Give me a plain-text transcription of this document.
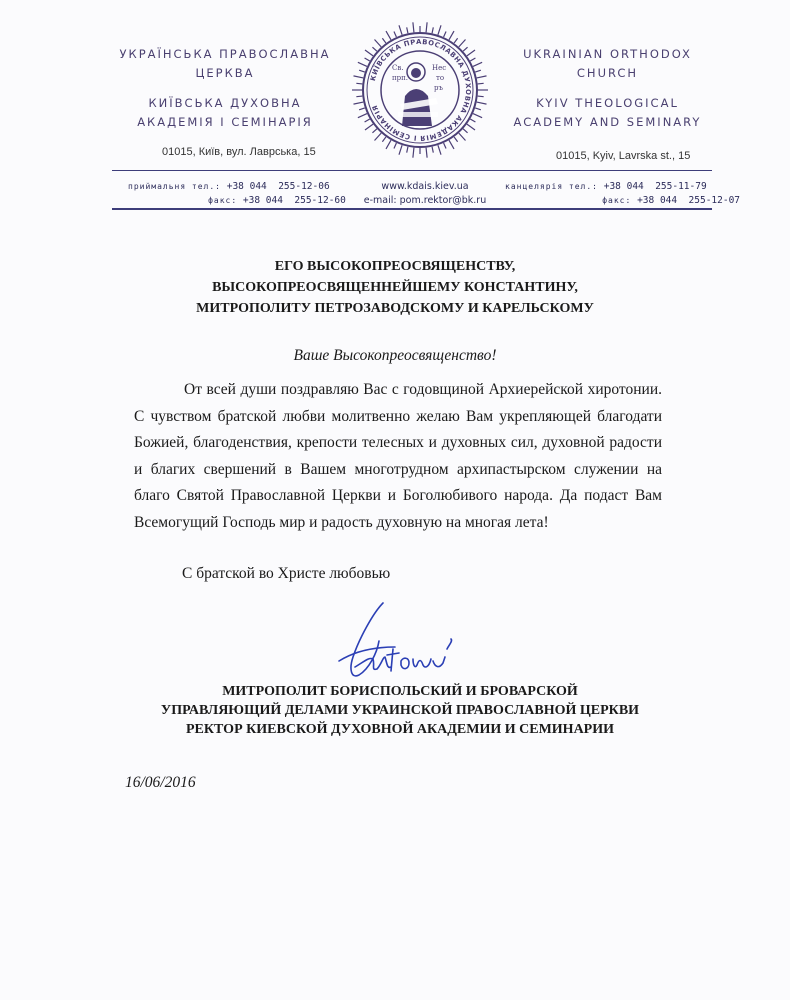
УКРАЇНСЬКА ПРАВОСЛАВНА
ЦЕРКВА
КИЇВСЬКА ДУХОВНА
АКАДЕМІЯ І СЕМІНАРІЯ
01015, Київ, вул. Лаврська, 15
КИЇВСЬКА ПРАВОСЛАВНА ДУХОВНА АКАДЕМІЯ І СЕМІНАРІЯ
Св.
прп.
Нес
то
ръ
UKRAINIAN ORTHODOX
CHURCH
KYIV THEOLOGICAL
ACADEMY AND SEMINARY
01015, Kyiv, Lavrska st., 15
приймальня тел.: +38 044  255-12-06
факс: +38 044  255-12-60
www.kdais.kiev.ua
e-mail: pom.rektor@bk.ru
канцелярія тел.: +38 044  255-11-79
факс: +38 044  255-12-07
ЕГО ВЫСОКОПРЕОСВЯЩЕНСТВУ,
ВЫСОКОПРЕОСВЯЩЕННЕЙШЕМУ КОНСТАНТИНУ,
МИТРОПОЛИТУ ПЕТРОЗАВОДСКОМУ И КАРЕЛЬСКОМУ
Ваше Высокопреосвященство!
От всей души поздравляю Вас с годовщиной Архиерейской хиротонии. С чувством братской любви молитвенно желаю Вам укрепляющей благодати Божией, благоденствия, крепости телесных и духовных сил, духовной радости и благих свершений в Вашем многотрудном архипастырском служении на благо Святой Православной Церкви и Боголюбивого народа. Да подаст Вам Всемогущий Господь мир и радость духовную на многая лета!
С братской во Христе любовью
МИТРОПОЛИТ БОРИСПОЛЬСКИЙ И БРОВАРСКОЙ
УПРАВЛЯЮЩИЙ ДЕЛАМИ УКРАИНСКОЙ ПРАВОСЛАВНОЙ ЦЕРКВИ
РЕКТОР КИЕВСКОЙ ДУХОВНОЙ АКАДЕМИИ И СЕМИНАРИИ
16/06/2016
